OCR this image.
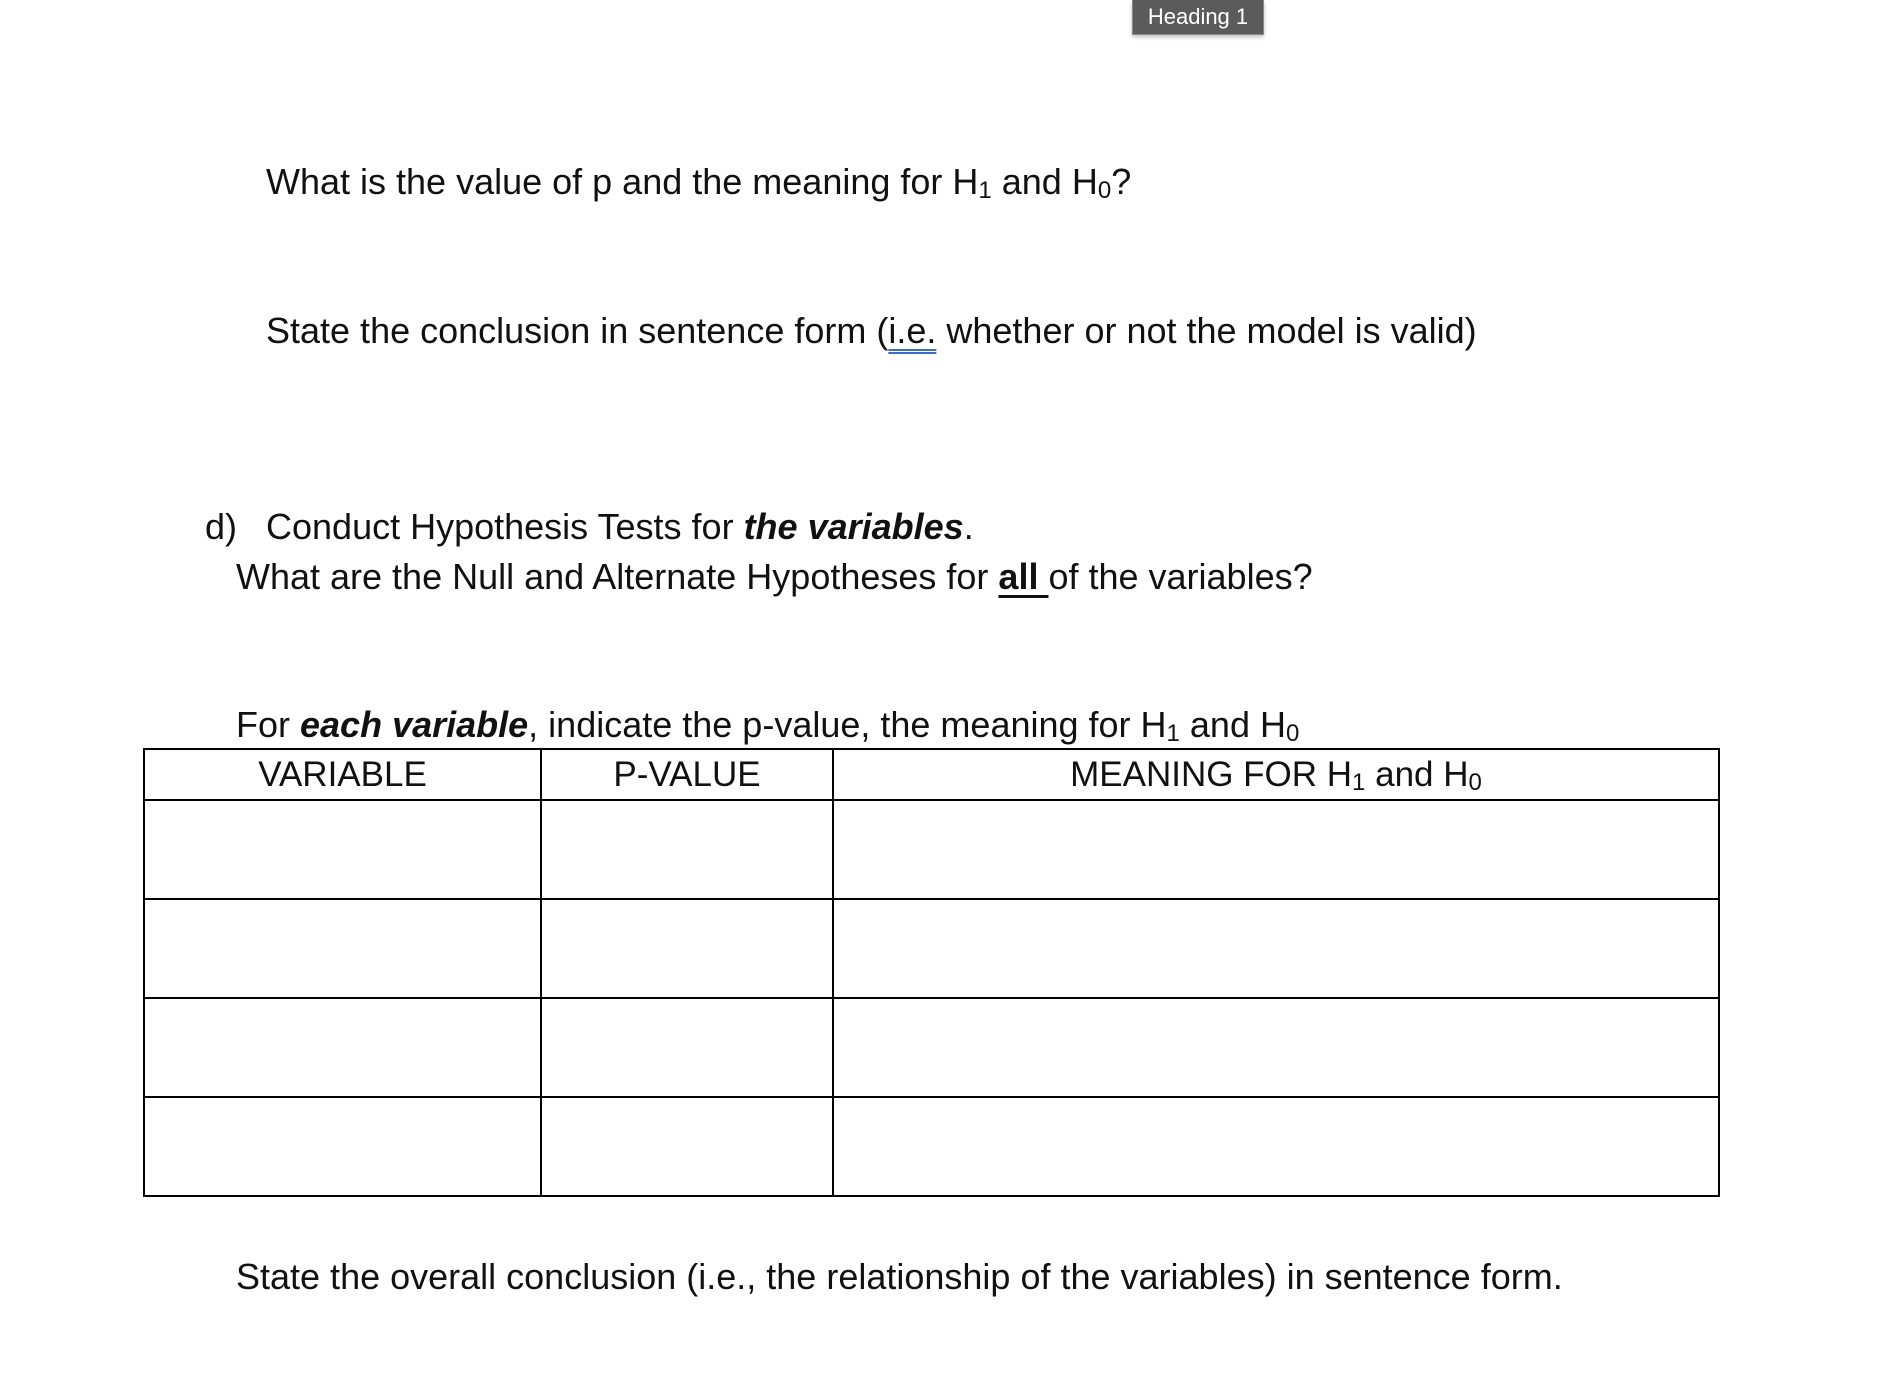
Heading 1
What is the value of p and the meaning for $H_1$ and $H_0$?
State the conclusion in sentence form (i.e. whether or not the model is valid)
d) Conduct Hypothesis Tests for the variables.
What are the Null and Alternate Hypotheses for all of the variables?
For each variable, indicate the p-value, the meaning for $H_1$ and $H_0$
VARIABLE	P-VALUE	MEANING FOR $H_1$ and $H_0$

State the overall conclusion (i.e., the relationship of the variables) in sentence form.
